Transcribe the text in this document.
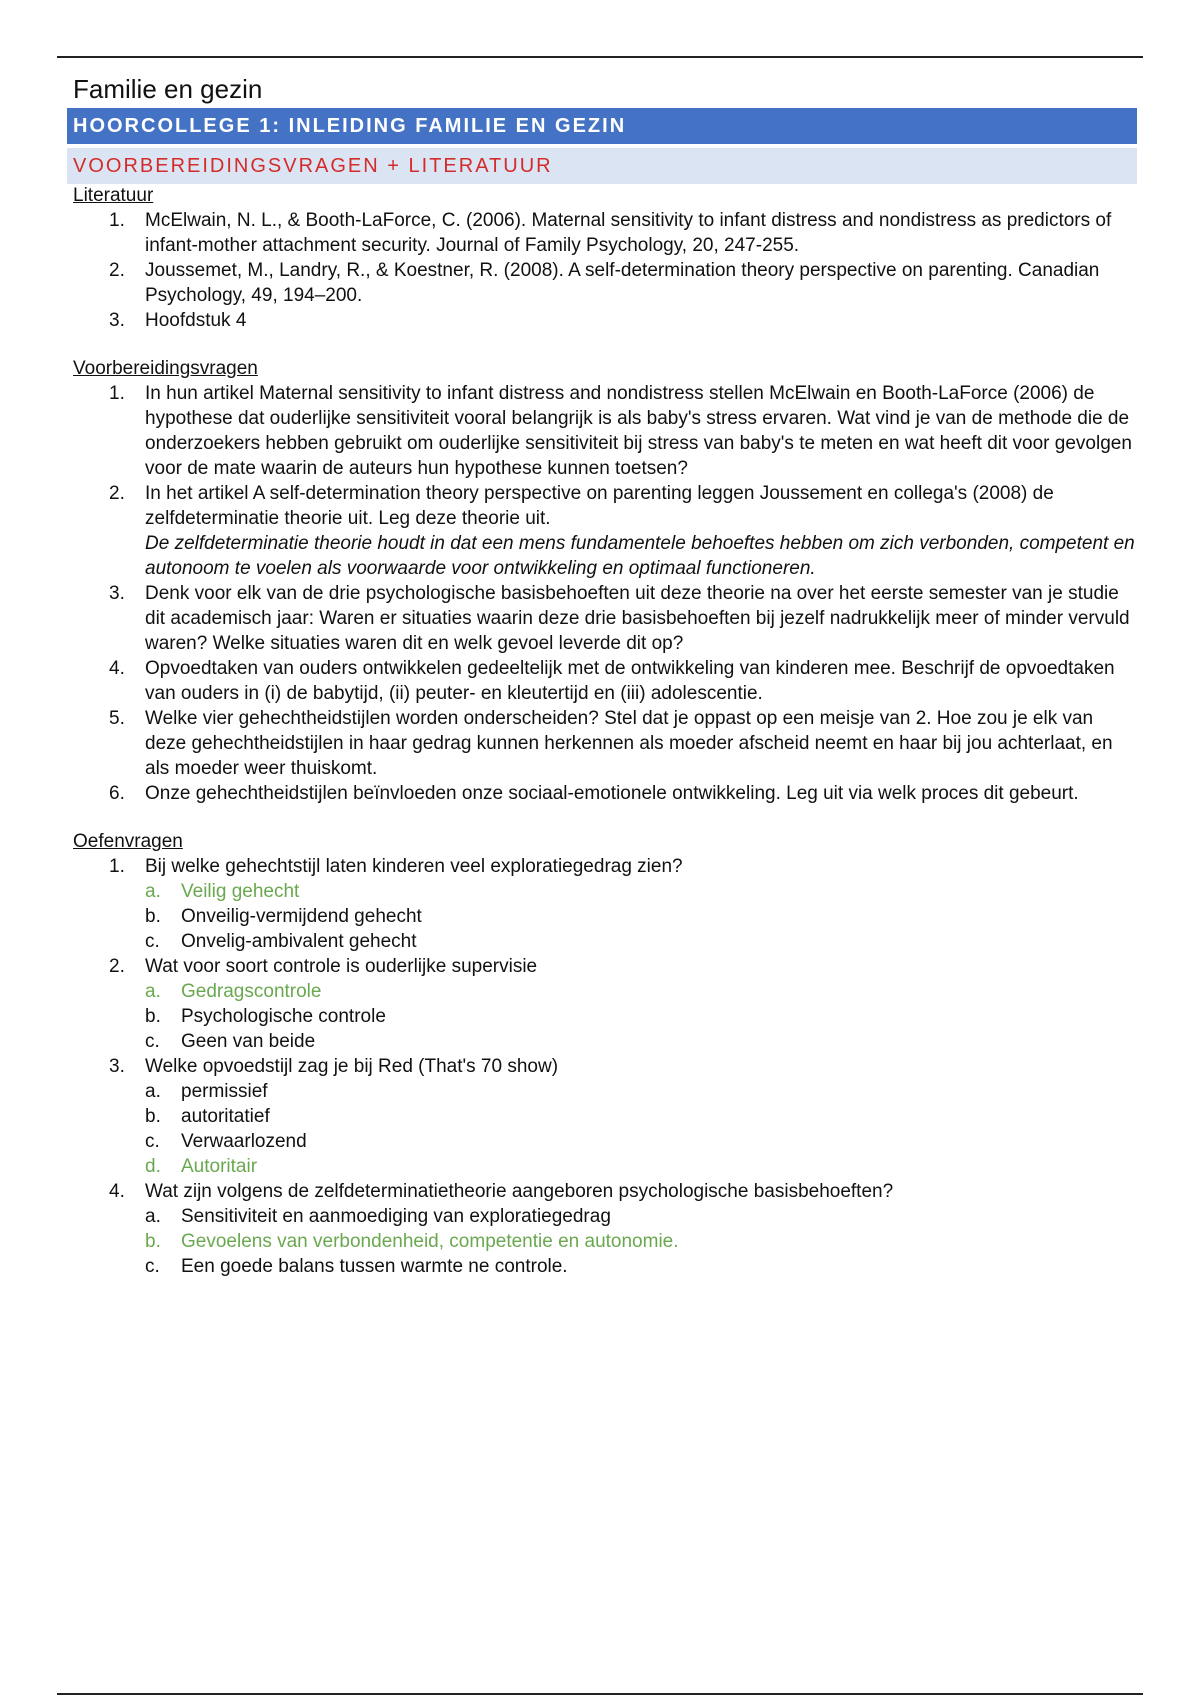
Familie en gezin
HOORCOLLEGE 1: INLEIDING FAMILIE EN GEZIN
VOORBEREIDINGSVRAGEN + LITERATUUR
Literatuur
1. McElwain, N. L., & Booth-LaForce, C. (2006). Maternal sensitivity to infant distress and nondistress as predictors of infant-mother attachment security. Journal of Family Psychology, 20, 247-255.
2. Joussemet, M., Landry, R., & Koestner, R. (2008). A self-determination theory perspective on parenting. Canadian Psychology, 49, 194–200.
3. Hoofdstuk 4
Voorbereidingsvragen
1. In hun artikel Maternal sensitivity to infant distress and nondistress stellen McElwain en Booth-LaForce (2006) de hypothese dat ouderlijke sensitiviteit vooral belangrijk is als baby's stress ervaren. Wat vind je van de methode die de onderzoekers hebben gebruikt om ouderlijke sensitiviteit bij stress van baby's te meten en wat heeft dit voor gevolgen voor de mate waarin de auteurs hun hypothese kunnen toetsen?
2. In het artikel A self-determination theory perspective on parenting leggen Joussement en collega's (2008) de zelfdeterminatie theorie uit. Leg deze theorie uit.
De zelfdeterminatie theorie houdt in dat een mens fundamentele behoeftes hebben om zich verbonden, competent en autonoom te voelen als voorwaarde voor ontwikkeling en optimaal functioneren.
3. Denk voor elk van de drie psychologische basisbehoeften uit deze theorie na over het eerste semester van je studie dit academisch jaar: Waren er situaties waarin deze drie basisbehoeften bij jezelf nadrukkelijk meer of minder vervuld waren? Welke situaties waren dit en welk gevoel leverde dit op?
4. Opvoedtaken van ouders ontwikkelen gedeeltelijk met de ontwikkeling van kinderen mee. Beschrijf de opvoedtaken van ouders in (i) de babytijd, (ii) peuter- en kleutertijd en (iii) adolescentie.
5. Welke vier gehechtheidstijlen worden onderscheiden? Stel dat je oppast op een meisje van 2. Hoe zou je elk van deze gehechtheidstijlen in haar gedrag kunnen herkennen als moeder afscheid neemt en haar bij jou achterlaat, en als moeder weer thuiskomt.
6. Onze gehechtheidstijlen beïnvloeden onze sociaal-emotionele ontwikkeling. Leg uit via welk proces dit gebeurt.
Oefenvragen
1. Bij welke gehechtstijl laten kinderen veel exploratiegedrag zien?
a. Veilig gehecht
b. Onveilig-vermijdend gehecht
c. Onvelig-ambivalent gehecht
2. Wat voor soort controle is ouderlijke supervisie
a. Gedragscontrole
b. Psychologische controle
c. Geen van beide
3. Welke opvoedstijl zag je bij Red (That's 70 show)
a. permissief
b. autoritatief
c. Verwaarlozend
d. Autoritair
4. Wat zijn volgens de zelfdeterminatietheorie aangeboren psychologische basisbehoeften?
a. Sensitiviteit en aanmoediging van exploratiegedrag
b. Gevoelens van verbondenheid, competentie en autonomie.
c. Een goede balans tussen warmte ne controle.
